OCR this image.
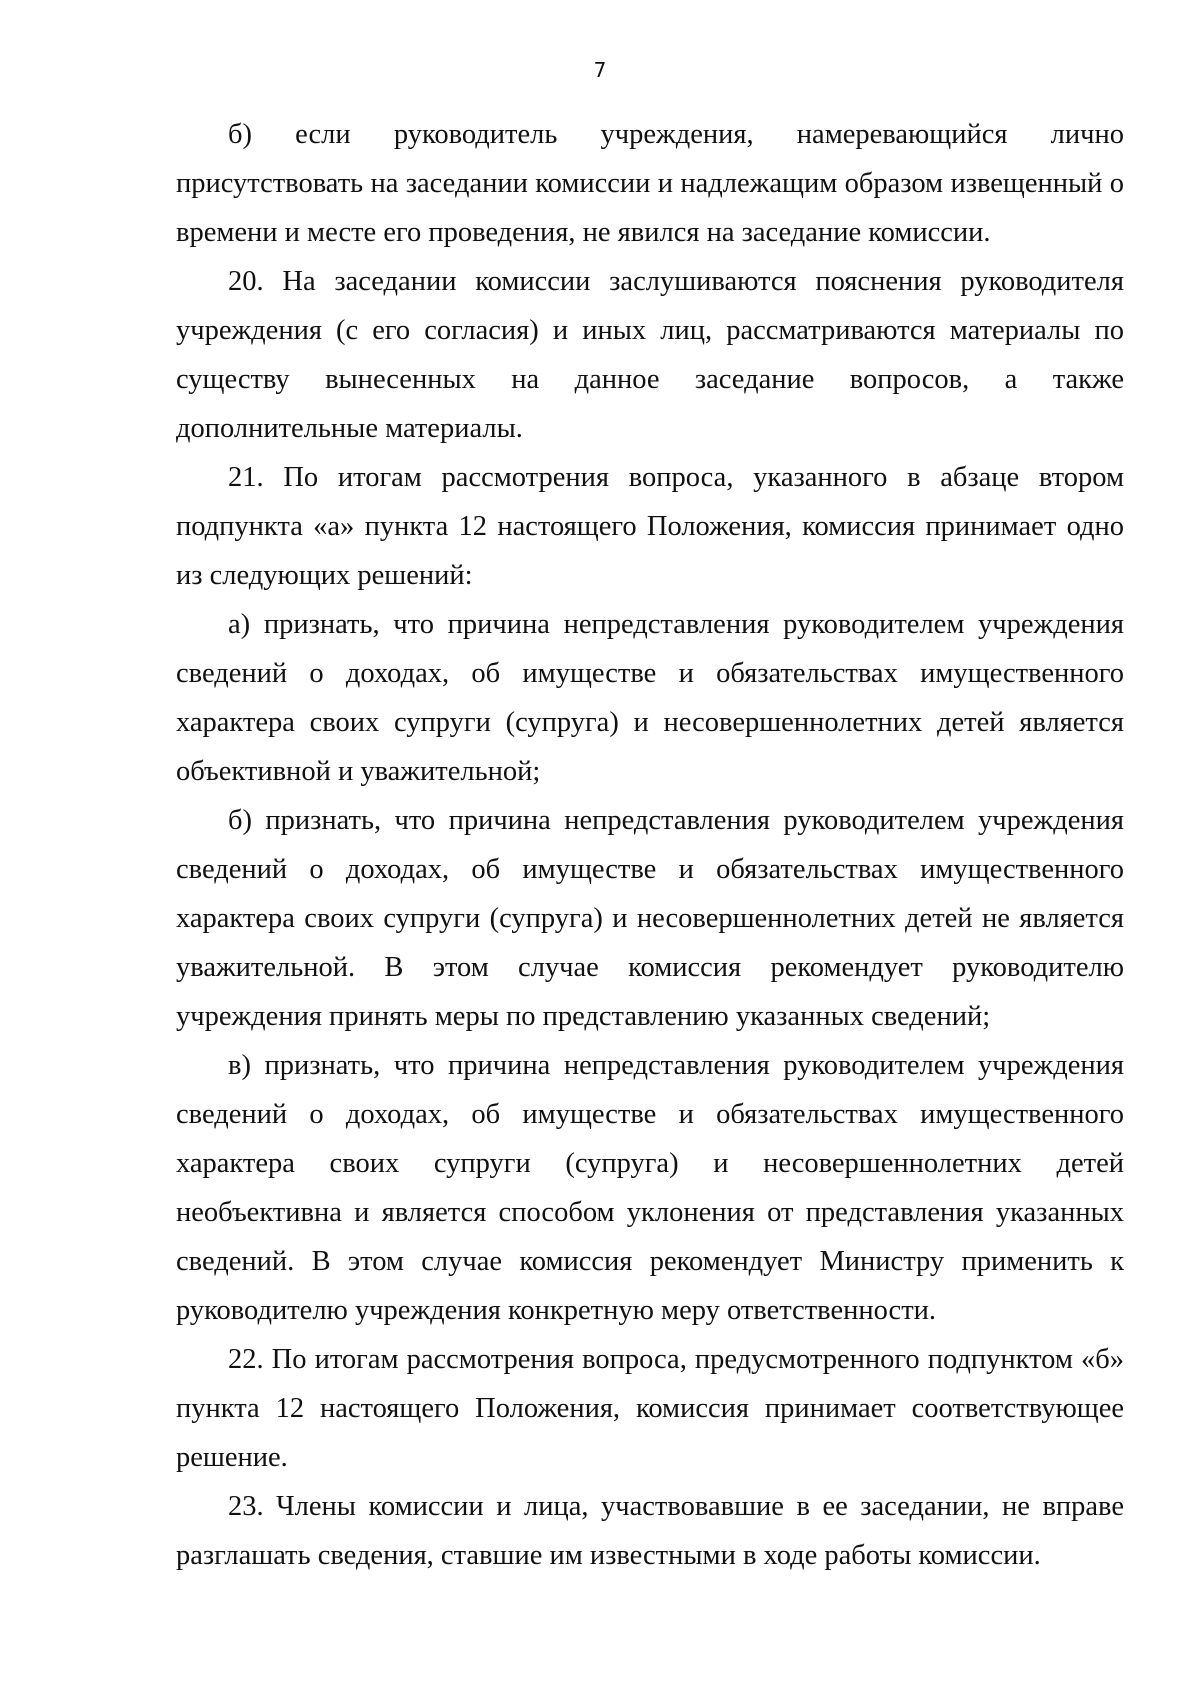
7

б) если руководитель учреждения, намеревающийся лично присутствовать на заседании комиссии и надлежащим образом извещенный о времени и месте его проведения, не явился на заседание комиссии.

20. На заседании комиссии заслушиваются пояснения руководителя учреждения (с его согласия) и иных лиц, рассматриваются материалы по существу вынесенных на данное заседание вопросов, а также дополнительные материалы.

21. По итогам рассмотрения вопроса, указанного в абзаце втором подпункта «а» пункта 12 настоящего Положения, комиссия принимает одно из следующих решений:

а) признать, что причина непредставления руководителем учреждения сведений о доходах, об имуществе и обязательствах имущественного характера своих супруги (супруга) и несовершеннолетних детей является объективной и уважительной;

б) признать, что причина непредставления руководителем учреждения сведений о доходах, об имуществе и обязательствах имущественного характера своих супруги (супруга) и несовершеннолетних детей не является уважительной. В этом случае комиссия рекомендует руководителю учреждения принять меры по представлению указанных сведений;

в) признать, что причина непредставления руководителем учреждения сведений о доходах, об имуществе и обязательствах имущественного характера своих супруги (супруга) и несовершеннолетних детей необъективна и является способом уклонения от представления указанных сведений. В этом случае комиссия рекомендует Министру применить к руководителю учреждения конкретную меру ответственности.

22. По итогам рассмотрения вопроса, предусмотренного подпунктом «б» пункта 12 настоящего Положения, комиссия принимает соответствующее решение.

23. Члены комиссии и лица, участвовавшие в ее заседании, не вправе разглашать сведения, ставшие им известными в ходе работы комиссии.
